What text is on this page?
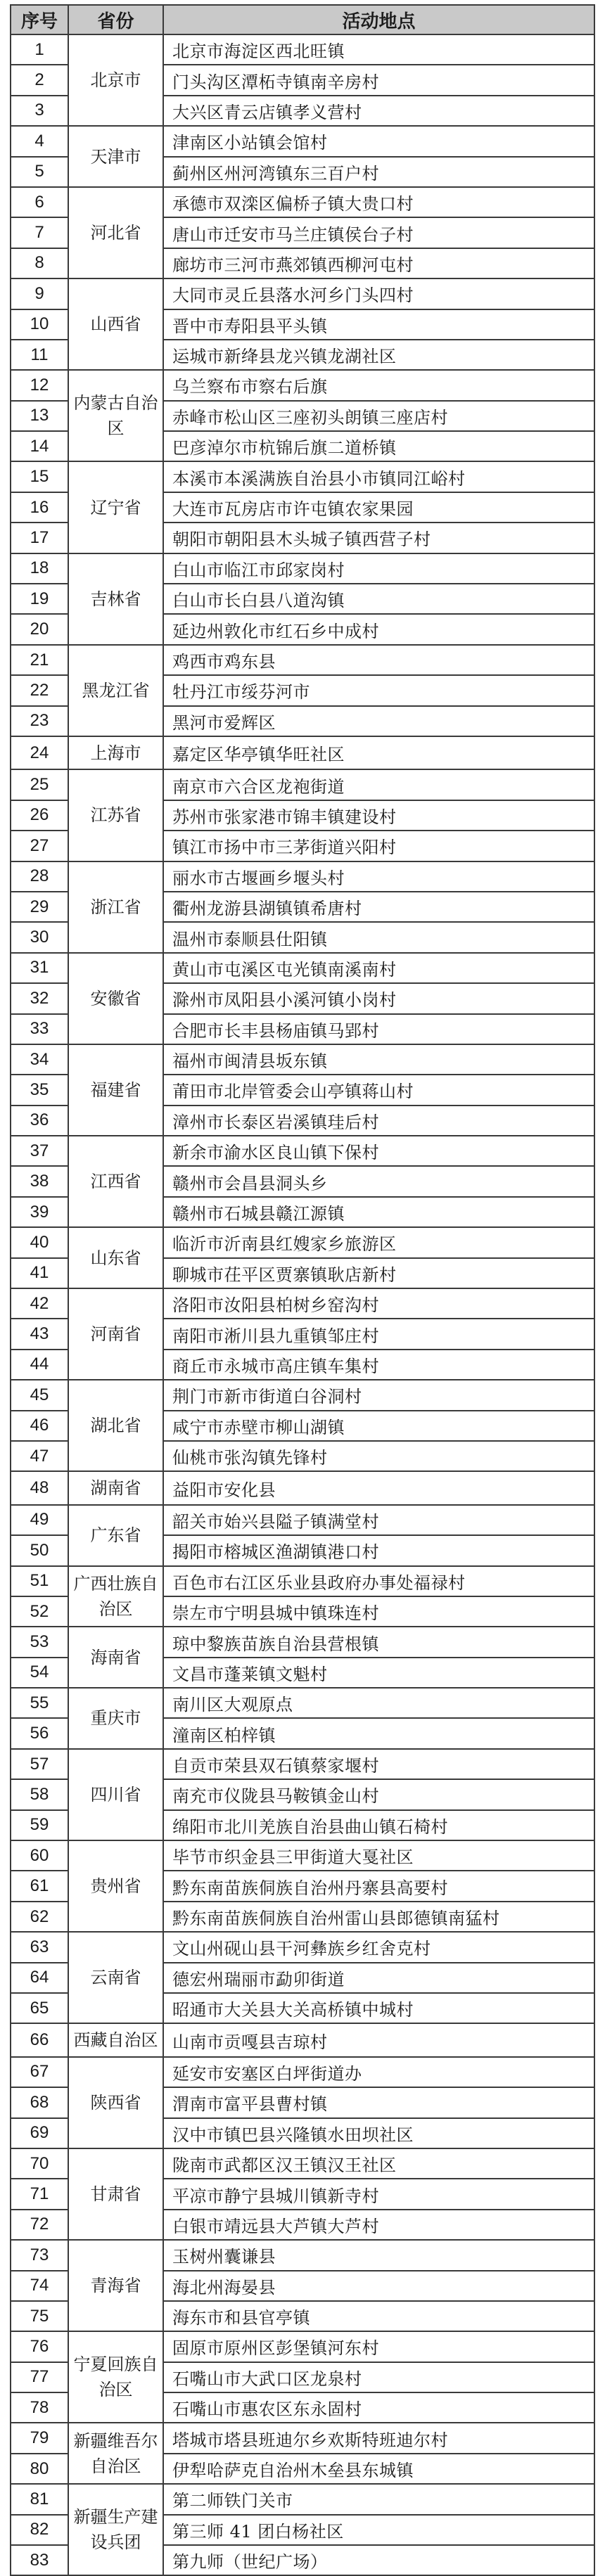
序号	省份	活动地点
1	北京市	北京市海淀区西北旺镇
2		门头沟区潭柘寺镇南辛房村
3		大兴区青云店镇孝义营村
4	天津市	津南区小站镇会馆村
5		蓟州区州河湾镇东三百户村
6	河北省	承德市双滦区偏桥子镇大贵口村
7		唐山市迁安市马兰庄镇侯台子村
8		廊坊市三河市燕郊镇西柳河屯村
9	山西省	大同市灵丘县落水河乡门头四村
10		晋中市寿阳县平头镇
11		运城市新绛县龙兴镇龙湖社区
12	内蒙古自治区	乌兰察布市察右后旗
13		赤峰市松山区三座初头朗镇三座店村
14		巴彦淖尔市杭锦后旗二道桥镇
15	辽宁省	本溪市本溪满族自治县小市镇同江峪村
16		大连市瓦房店市许屯镇农家果园
17		朝阳市朝阳县木头城子镇西营子村
18	吉林省	白山市临江市邱家岗村
19		白山市长白县八道沟镇
20		延边州敦化市红石乡中成村
21	黑龙江省	鸡西市鸡东县
22		牡丹江市绥芬河市
23		黑河市爱辉区
24	上海市	嘉定区华亭镇华旺社区
25	江苏省	南京市六合区龙袍街道
26		苏州市张家港市锦丰镇建设村
27		镇江市扬中市三茅街道兴阳村
28	浙江省	丽水市古堰画乡堰头村
29		衢州龙游县湖镇镇希唐村
30		温州市泰顺县仕阳镇
31	安徽省	黄山市屯溪区屯光镇南溪南村
32		滁州市凤阳县小溪河镇小岗村
33		合肥市长丰县杨庙镇马郢村
34	福建省	福州市闽清县坂东镇
35		莆田市北岸管委会山亭镇蒋山村
36		漳州市长泰区岩溪镇珪后村
37	江西省	新余市渝水区良山镇下保村
38		赣州市会昌县洞头乡
39		赣州市石城县赣江源镇
40	山东省	临沂市沂南县红嫂家乡旅游区
41		聊城市茌平区贾寨镇耿店新村
42	河南省	洛阳市汝阳县柏树乡窑沟村
43		南阳市淅川县九重镇邹庄村
44		商丘市永城市高庄镇车集村
45	湖北省	荆门市新市街道白谷洞村
46		咸宁市赤壁市柳山湖镇
47		仙桃市张沟镇先锋村
48	湖南省	益阳市安化县
49	广东省	韶关市始兴县隘子镇满堂村
50		揭阳市榕城区渔湖镇港口村
51	广西壮族自治区	百色市右江区乐业县政府办事处福禄村
52		崇左市宁明县城中镇珠连村
53	海南省	琼中黎族苗族自治县营根镇
54		文昌市蓬莱镇文魁村
55	重庆市	南川区大观原点
56		潼南区柏梓镇
57	四川省	自贡市荣县双石镇蔡家堰村
58		南充市仪陇县马鞍镇金山村
59		绵阳市北川羌族自治县曲山镇石椅村
60	贵州省	毕节市织金县三甲街道大戛社区
61		黔东南苗族侗族自治州丹寨县高要村
62		黔东南苗族侗族自治州雷山县郎德镇南猛村
63	云南省	文山州砚山县干河彝族乡红舍克村
64		德宏州瑞丽市勐卯街道
65		昭通市大关县大关高桥镇中城村
66	西藏自治区	山南市贡嘎县吉琼村
67	陕西省	延安市安塞区白坪街道办
68		渭南市富平县曹村镇
69		汉中市镇巴县兴隆镇水田坝社区
70	甘肃省	陇南市武都区汉王镇汉王社区
71		平凉市静宁县城川镇新寺村
72		白银市靖远县大芦镇大芦村
73	青海省	玉树州囊谦县
74		海北州海晏县
75		海东市和县官亭镇
76	宁夏回族自治区	固原市原州区彭堡镇河东村
77		石嘴山市大武口区龙泉村
78		石嘴山市惠农区东永固村
79	新疆维吾尔自治区	塔城市塔县班迪尔乡欢斯特班迪尔村
80		伊犁哈萨克自治州木垒县东城镇
81	新疆生产建设兵团	第二师铁门关市
82		第三师 41 团白杨社区
83		第九师（世纪广场）
